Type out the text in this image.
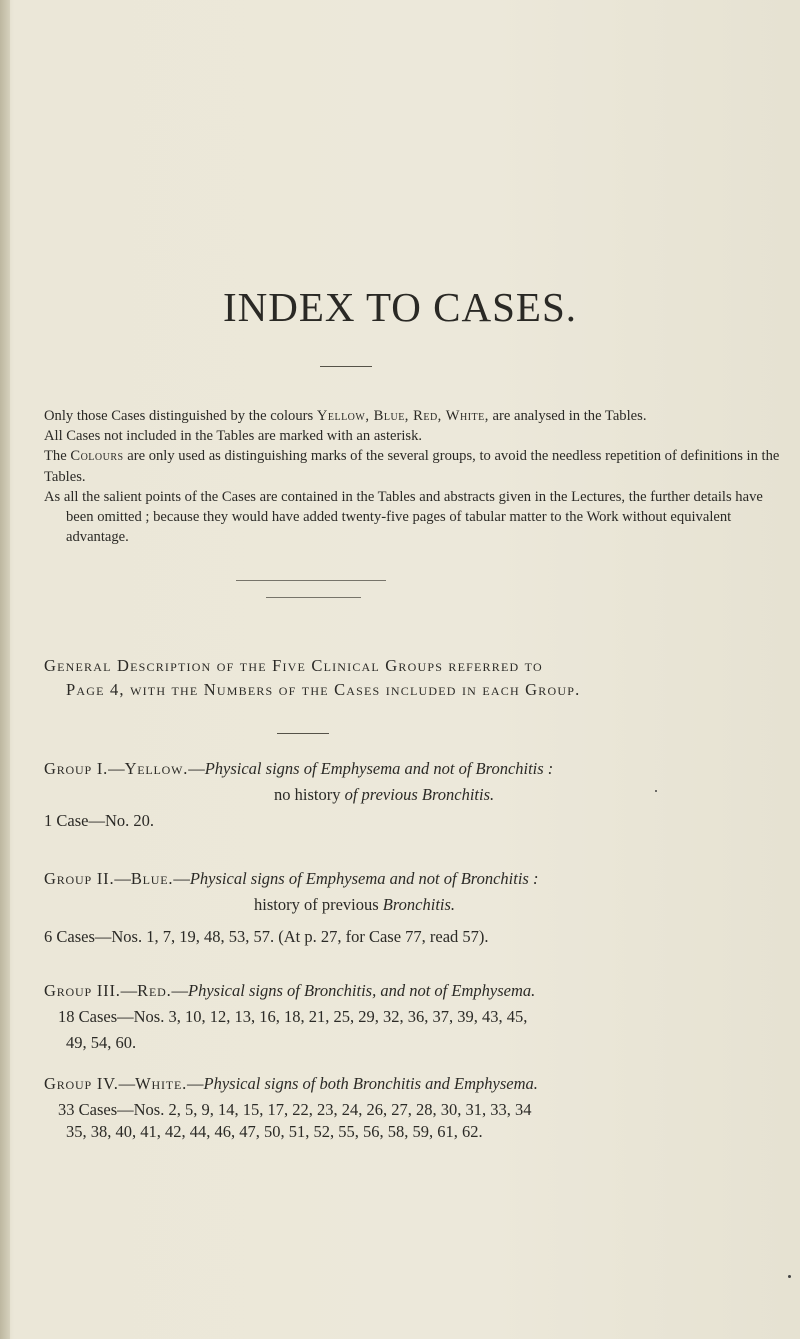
INDEX TO CASES.

Only those Cases distinguished by the colours Yellow, Blue, Red, White, are analysed in the Tables.

All Cases not included in the Tables are marked with an asterisk.

The Colours are only used as distinguishing marks of the several groups, to avoid the needless repetition of definitions in the Tables.

As all the salient points of the Cases are contained in the Tables and abstracts given in the Lectures, the further details have been omitted ; because they would have added twenty-five pages of tabular matter to the Work without equivalent advantage.

General Description of the Five Clinical Groups referred to
Page 4, with the Numbers of the Cases included in each Group.
Group I.—Yellow.—Physical signs of Emphysema and not of Bronchitis :
no history of previous Bronchitis.
1 Case—No. 20.
Group II.—Blue.—Physical signs of Emphysema and not of Bronchitis :
history of previous Bronchitis.
6 Cases—Nos. 1, 7, 19, 48, 53, 57. (At p. 27, for Case 77, read 57).
Group III.—Red.—Physical signs of Bronchitis, and not of Emphysema.
18 Cases—Nos. 3, 10, 12, 13, 16, 18, 21, 25, 29, 32, 36, 37, 39, 43, 45,
49, 54, 60.
Group IV.—White.—Physical signs of both Bronchitis and Emphysema.
33 Cases—Nos. 2, 5, 9, 14, 15, 17, 22, 23, 24, 26, 27, 28, 30, 31, 33, 34
35, 38, 40, 41, 42, 44, 46, 47, 50, 51, 52, 55, 56, 58, 59, 61, 62.
